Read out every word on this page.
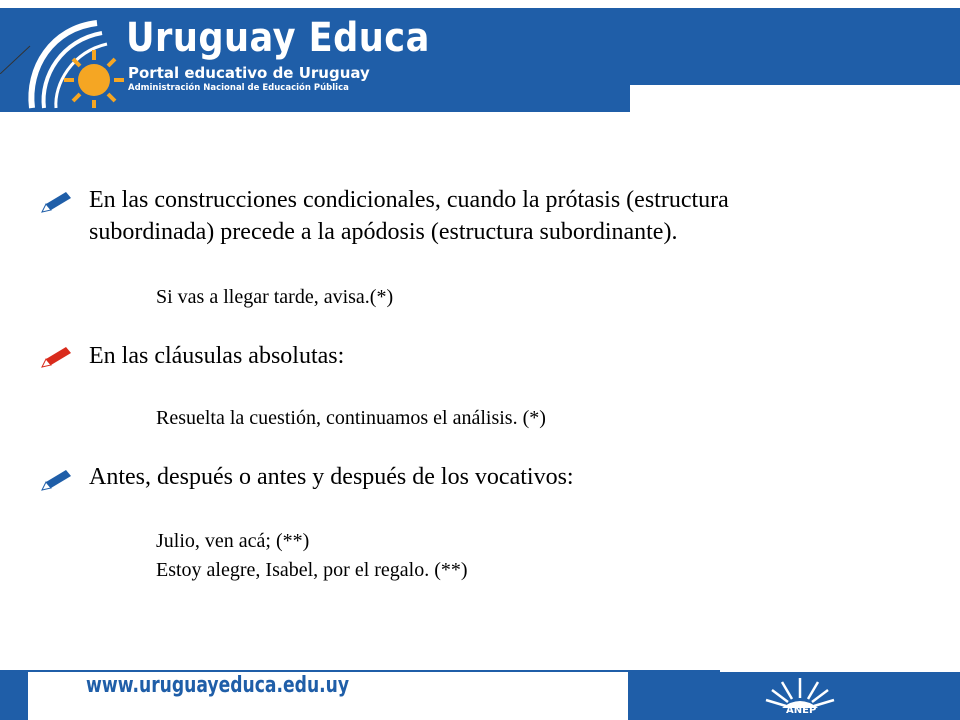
Uruguay Educa
Portal educativo de Uruguay
Administración Nacional de Educación Pública
En las construcciones condicionales, cuando la prótasis (estructura
subordinada) precede a la apódosis (estructura subordinante).
Si vas a llegar tarde, avisa.(*)
En las cláusulas absolutas:
Resuelta la cuestión, continuamos el análisis. (*)
Antes, después o antes y después de los vocativos:
Julio, ven acá; (**)
Estoy alegre, Isabel, por el regalo. (**)
www.uruguayeduca.edu.uy
ANEP
